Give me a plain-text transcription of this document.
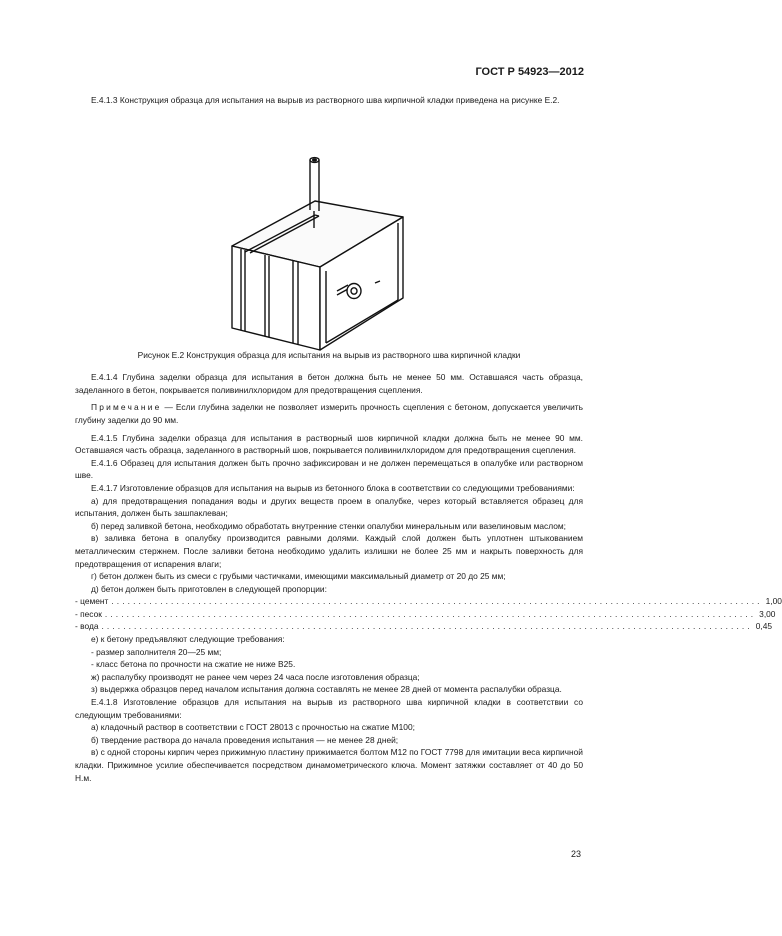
ГОСТ Р 54923—2012

Е.4.1.3 Конструкция образца для испытания на вырыв из растворного шва кирпичной кладки приведена на рисунке Е.2.

Рисунок Е.2 Конструкция образца для испытания на вырыв из растворного шва кирпичной кладки

Е.4.1.4 Глубина заделки образца для испытания в бетон должна быть не менее 50 мм. Оставшаяся часть образца, заделанного в бетон, покрывается поливинилхлоридом для предотвращения сцепления.

Примечание — Если глубина заделки не позволяет измерить прочность сцепления с бетоном, допускается увеличить глубину заделки до 90 мм.

Е.4.1.5 Глубина заделки образца для испытания в растворный шов кирпичной кладки должна быть не менее 90 мм. Оставшаяся часть образца, заделанного в растворный шов, покрывается поливинилхлоридом для предотвращения сцепления.

Е.4.1.6 Образец для испытания должен быть прочно зафиксирован и не должен перемещаться в опалубке или растворном шве.

Е.4.1.7 Изготовление образцов для испытания на вырыв из бетонного блока в соответствии со следующими требованиями:

а) для предотвращения попадания воды и других веществ проем в опалубке, через который вставляется образец для испытания, должен быть зашпаклеван;

б) перед заливкой бетона, необходимо обработать внутренние стенки опалубки минеральным или вазелиновым маслом;

в) заливка бетона в опалубку производится равными долями. Каждый слой должен быть уплотнен штыкованием металлическим стержнем. После заливки бетона необходимо удалить излишки не более 25 мм и накрыть поверхность для предотвращения от испарения влаги;

г) бетон должен быть из смеси с грубыми частичками, имеющими максимальный диаметр от 20 до 25 мм;

д) бетон должен быть приготовлен в следующей пропорции:

- цемент ........................................................................................................................ 1,00
- песок ........................................................................................................................ 3,00
- вода ........................................................................................................................ 0,45

е) к бетону предъявляют следующие требования:

- размер заполнителя 20—25 мм;

- класс бетона по прочности на сжатие не ниже В25.

ж) распалубку производят не ранее чем через 24 часа после изготовления образца;

з) выдержка образцов перед началом испытания должна составлять не менее 28 дней от момента распалубки образца.

Е.4.1.8 Изготовление образцов для испытания на вырыв из растворного шва кирпичной кладки в соответствии со следующим требованиями:

а) кладочный раствор в соответствии с ГОСТ 28013 с прочностью на сжатие М100;

б) твердение раствора до начала проведения испытания — не менее 28 дней;

в) с одной стороны кирпич через прижимную пластину прижимается болтом М12 по ГОСТ 7798 для имитации веса кирпичной кладки. Прижимное усилие обеспечивается посредством динамометрического ключа. Момент затяжки составляет от 40 до 50 Н.м.

23
